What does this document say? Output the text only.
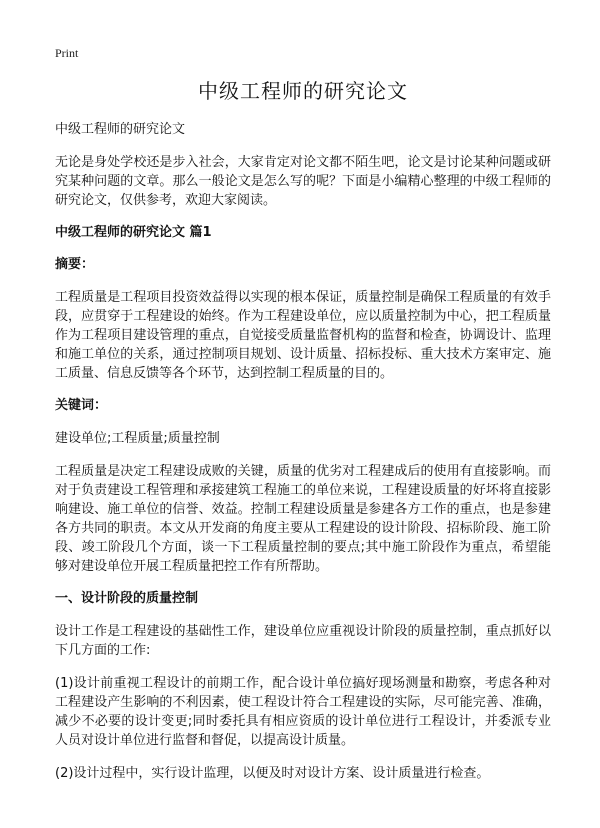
Print
中级工程师的研究论文
中级工程师的研究论文

无论是身处学校还是步入社会，大家肯定对论文都不陌生吧，论文是讨论某种问题或研究某种问题的文章。那么一般论文是怎么写的呢？下面是小编精心整理的中级工程师的研究论文，仅供参考，欢迎大家阅读。

中级工程师的研究论文 篇1
摘要：

工程质量是工程项目投资效益得以实现的根本保证，质量控制是确保工程质量的有效手段，应贯穿于工程建设的始终。作为工程建设单位，应以质量控制为中心，把工程质量作为工程项目建设管理的重点，自觉接受质量监督机构的监督和检查，协调设计、监理和施工单位的关系，通过控制项目规划、设计质量、招标投标、重大技术方案审定、施工质量、信息反馈等各个环节，达到控制工程质量的目的。

关键词：

建设单位;工程质量;质量控制

工程质量是决定工程建设成败的关键，质量的优劣对工程建成后的使用有直接影响。而对于负责建设工程管理和承接建筑工程施工的单位来说，工程建设质量的好坏将直接影响建设、施工单位的信誉、效益。控制工程建设质量是参建各方工作的重点，也是参建各方共同的职责。本文从开发商的角度主要从工程建设的设计阶段、招标阶段、施工阶段、竣工阶段几个方面，谈一下工程质量控制的要点;其中施工阶段作为重点，希望能够对建设单位开展工程质量把控工作有所帮助。

一、设计阶段的质量控制

设计工作是工程建设的基础性工作，建设单位应重视设计阶段的质量控制，重点抓好以下几方面的工作:

(1)设计前重视工程设计的前期工作，配合设计单位搞好现场测量和勘察，考虑各种对工程建设产生影响的不利因素，使工程设计符合工程建设的实际，尽可能完善、准确，减少不必要的设计变更;同时委托具有相应资质的设计单位进行工程设计，并委派专业人员对设计单位进行监督和督促，以提高设计质量。

(2)设计过程中，实行设计监理，以便及时对设计方案、设计质量进行检查。
